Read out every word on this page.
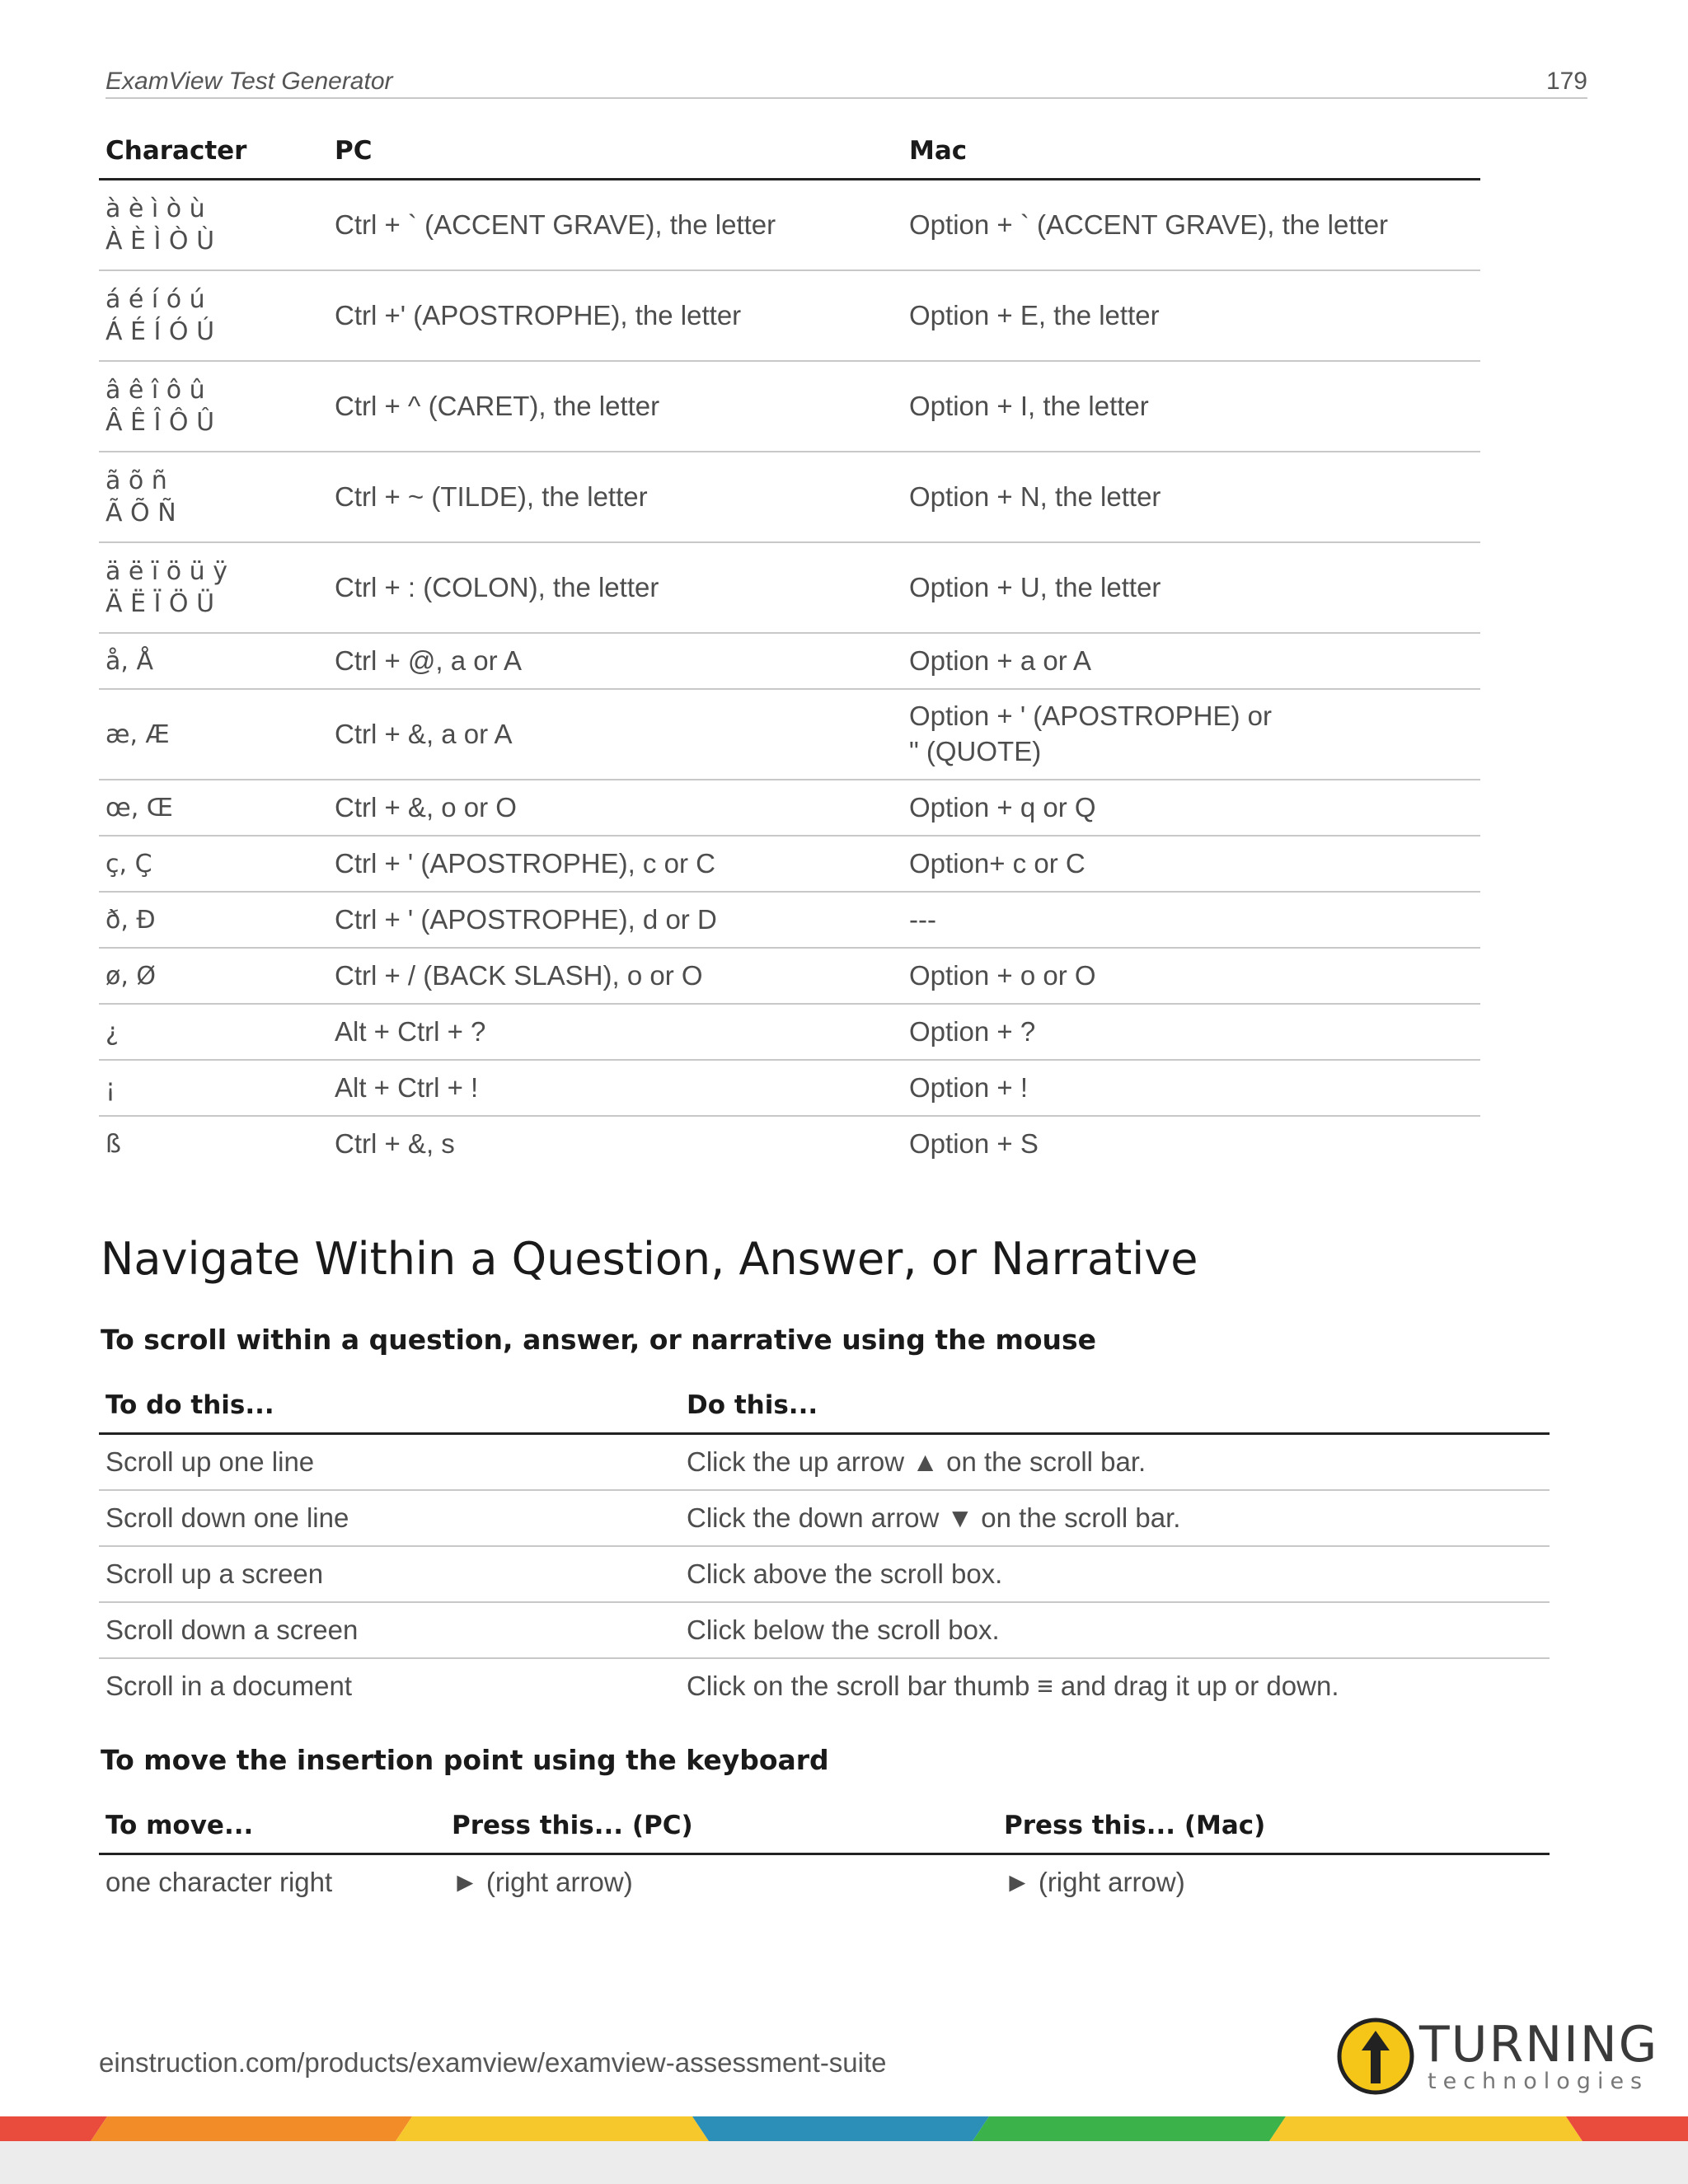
ExamView Test Generator	179
Character	PC	Mac

à è ì ò ù
À È Ì Ò Ù	Ctrl + ` (ACCENT GRAVE), the letter	Option + ` (ACCENT GRAVE), the letter

á é í ó ú
Á É Í Ó Ú	Ctrl +' (APOSTROPHE), the letter	Option + E, the letter

â ê î ô û
Â Ê Î Ô Û	Ctrl + ^ (CARET), the letter	Option + I, the letter

ã õ ñ
Ã Õ Ñ	Ctrl + ~ (TILDE), the letter	Option + N, the letter

ä ë ï ö ü ÿ
Ä Ë Ï Ö Ü	Ctrl + : (COLON), the letter	Option + U, the letter
å, Å	Ctrl + @, a or A	Option + a or A
æ, Æ	Ctrl + &, a or A	Option + ' (APOSTROPHE) or
" (QUOTE)

œ, Œ	Ctrl + &, o or O	Option + q or Q
ç, Ç	Ctrl + ' (APOSTROPHE), c or C	Option+ c or C
ð, Ð	Ctrl + ' (APOSTROPHE), d or D	---
ø, Ø	Ctrl + / (BACK SLASH), o or O	Option + o or O
¿	Alt + Ctrl + ?	Option + ?
¡	Alt + Ctrl + !	Option + !
ß	Ctrl + &, s	Option + S
Navigate Within a Question, Answer, or Narrative
To scroll within a question, answer, or narrative using the mouse
To do this...	Do this...
Scroll up one line	Click the up arrow ▲ on the scroll bar.
Scroll down one line	Click the down arrow ▼ on the scroll bar.
Scroll up a screen	Click above the scroll box.
Scroll down a screen	Click below the scroll box.
Scroll in a document	Click on the scroll bar thumb ≡ and drag it up or down.
To move the insertion point using the keyboard
To move...	Press this... (PC)	Press this... (Mac)
one character right	► (right arrow)	► (right arrow)
einstruction.com/products/examview/examview-assessment-suite	TURNING
technologies
